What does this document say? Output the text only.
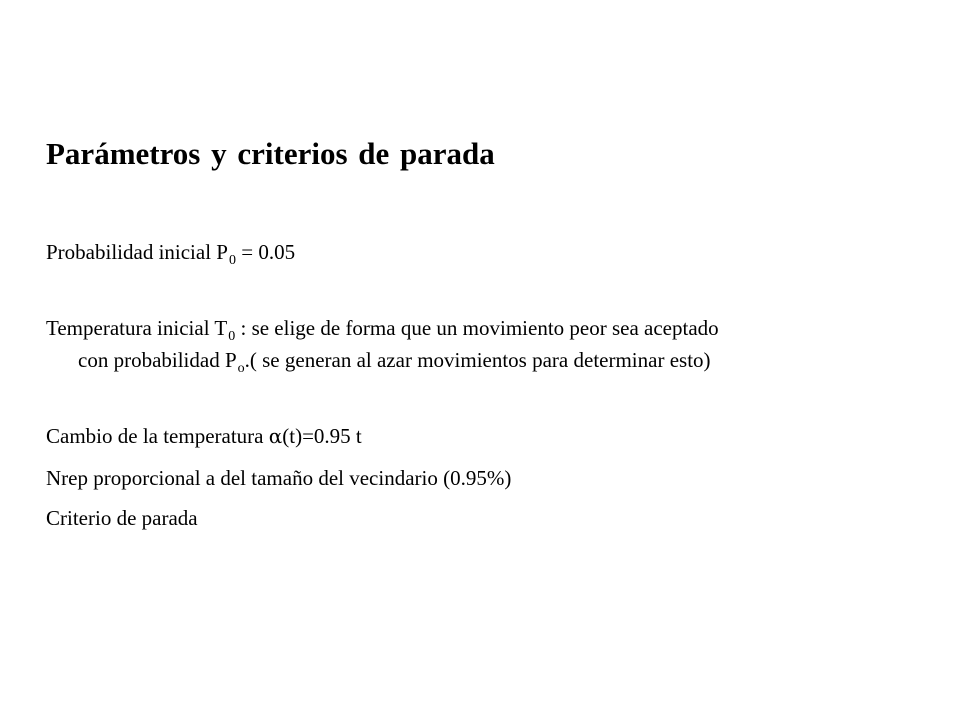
Parámetros y criterios de parada
Probabilidad inicial $P_0 = 0.05$
Temperatura inicial $T_0$ : se elige de forma que un movimiento peor sea aceptado
con probabilidad $P_o$.( se generan al azar movimientos para determinar esto)
Cambio de la temperatura α(t)=0.95 t
Nrep proporcional a del tamaño del vecindario (0.95%)
Criterio de parada
